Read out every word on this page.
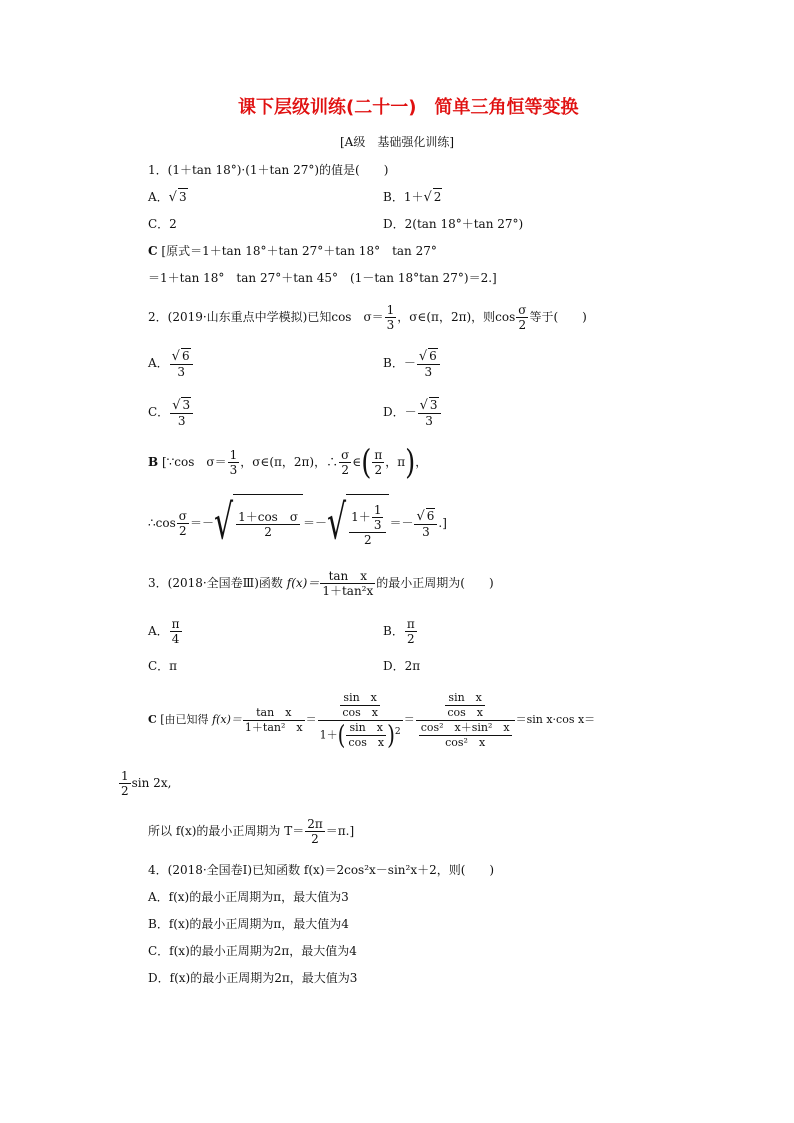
课下层级训练(二十一)　简单三角恒等变换
[A级　基础强化训练]
1．(1＋tan 18°)·(1＋tan 27°)的值是(　　)
A．√ 3	B．1＋√ 2
C．2	D．2(tan 18°＋tan 27°)
C [原式＝1＋tan 18°＋tan 27°＋tan 18°　tan 27°
＝1＋tan 18°　tan 27°＋tan 45°　(1－tan 18°tan 27°)＝2.]
2．(2019·山东重点中学模拟)已知cos　$\sigma= \frac{1}{3}$ ，σ∈(π，2π)，则$\cos \frac{\sigma}{2}$ 等于(　　)
A． $\frac{√ 6}{3}$	B．－ $\frac{√ 6}{3}$
C． $\frac{√ 3}{3}$	D．－ $\frac{√ 3}{3}$
B [∵cos　$\sigma= \frac{1}{3}$ ，σ∈(π，2π)，∴ $\frac{\sigma}{2}$ ∈( $\frac{\pi}{2}$ ，π)，
∴cos $\frac{\sigma}{2}$ ＝－√ $\frac{\text{1＋cos　σ}}{2}$ ＝－√ $\frac{1+ \frac{1}{3}}{2} =- \frac{√ 6}{3}$ .]
3．(2018·全国卷Ⅲ)函数 $f(x)= \frac{\text{tan　x}}{\text{1＋tan²x}}$ 的最小正周期为(　　)
A． $\frac{\pi}{4}$	B． $\frac{\pi}{2}$
C．π	D．2π
C [由已知得 $f(x)= \frac{\text{tan　x}}{\text{1＋tan²　x}} = \frac{\frac{\text{sin　x}}{\text{cos　x}}}{1+( \frac{\text{sin　x}}{\text{cos　x}} )^2} = \frac{\frac{\text{sin　x}}{\text{cos　x}}}{\frac{\text{cos²　x＋sin²　x}}{\text{cos²　x}}} =\sin$ x·cos x＝
$\frac{1}{2}$ sin 2x,
所以 f(x)的最小正周期为 $T= \frac{2\pi}{2} =\pi$.]
4．(2018·全国卷Ⅰ)已知函数 f(x)＝2cos²x－sin²x＋2，则(　　)
A．f(x)的最小正周期为π，最大值为3
B．f(x)的最小正周期为π，最大值为4
C．f(x)的最小正周期为2π，最大值为4
D．f(x)的最小正周期为2π，最大值为3
